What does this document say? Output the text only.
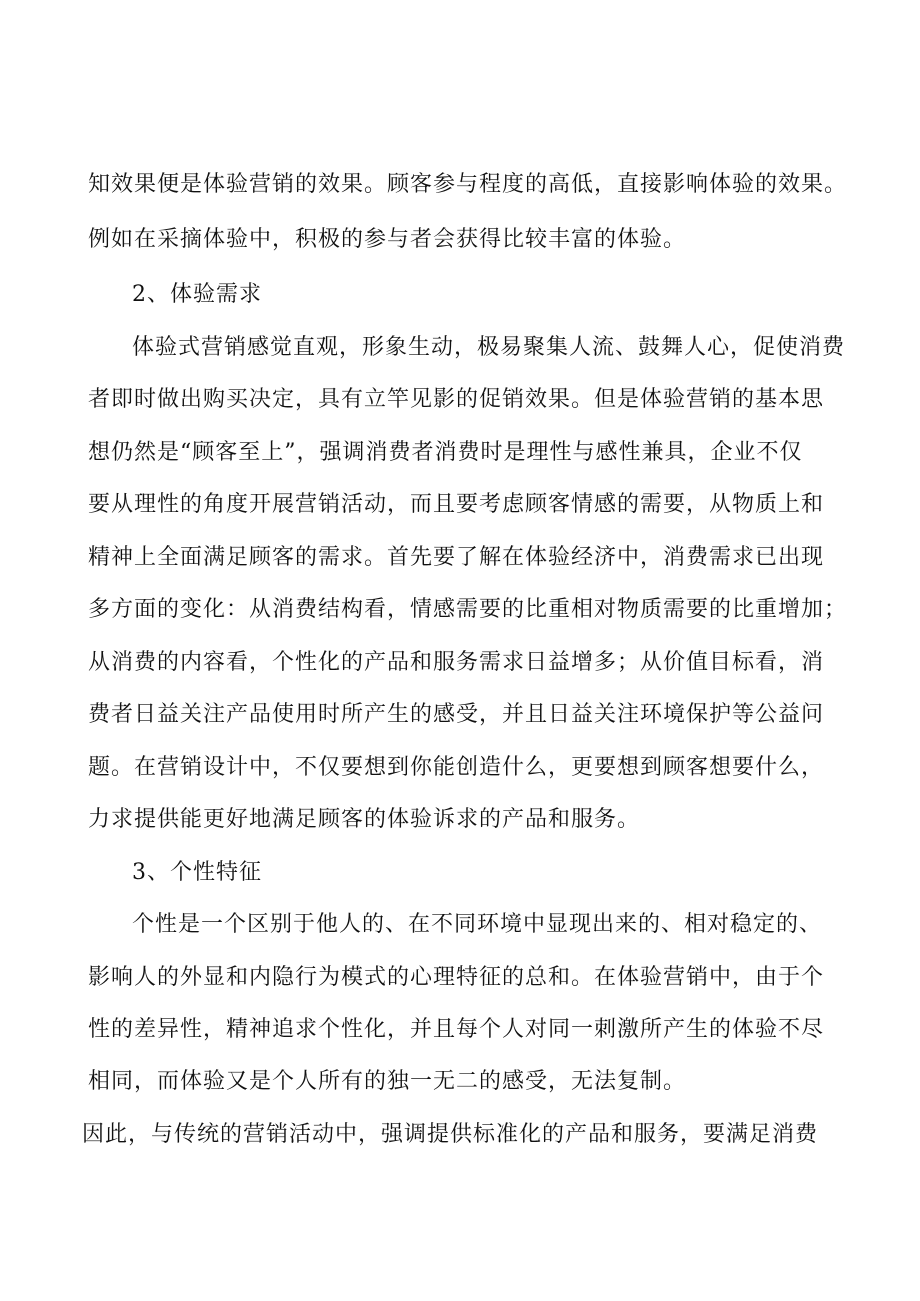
知效果便是体验营销的效果。顾客参与程度的高低，直接影响体验的效果。
例如在采摘体验中，积极的参与者会获得比较丰富的体验。
2、体验需求
体验式营销感觉直观，形象生动，极易聚集人流、鼓舞人心，促使消费
者即时做出购买决定，具有立竿见影的促销效果。但是体验营销的基本思
想仍然是“顾客至上”，强调消费者消费时是理性与感性兼具，企业不仅
要从理性的角度开展营销活动，而且要考虑顾客情感的需要，从物质上和
精神上全面满足顾客的需求。首先要了解在体验经济中，消费需求已出现
多方面的变化：从消费结构看，情感需要的比重相对物质需要的比重增加；
从消费的内容看，个性化的产品和服务需求日益增多；从价值目标看，消
费者日益关注产品使用时所产生的感受，并且日益关注环境保护等公益问
题。在营销设计中，不仅要想到你能创造什么，更要想到顾客想要什么，
力求提供能更好地满足顾客的体验诉求的产品和服务。
3、个性特征
个性是一个区别于他人的、在不同环境中显现出来的、相对稳定的、
影响人的外显和内隐行为模式的心理特征的总和。在体验营销中，由于个
性的差异性，精神追求个性化，并且每个人对同一刺激所产生的体验不尽
相同，而体验又是个人所有的独一无二的感受，无法复制。
因此，与传统的营销活动中，强调提供标准化的产品和服务，要满足消费
